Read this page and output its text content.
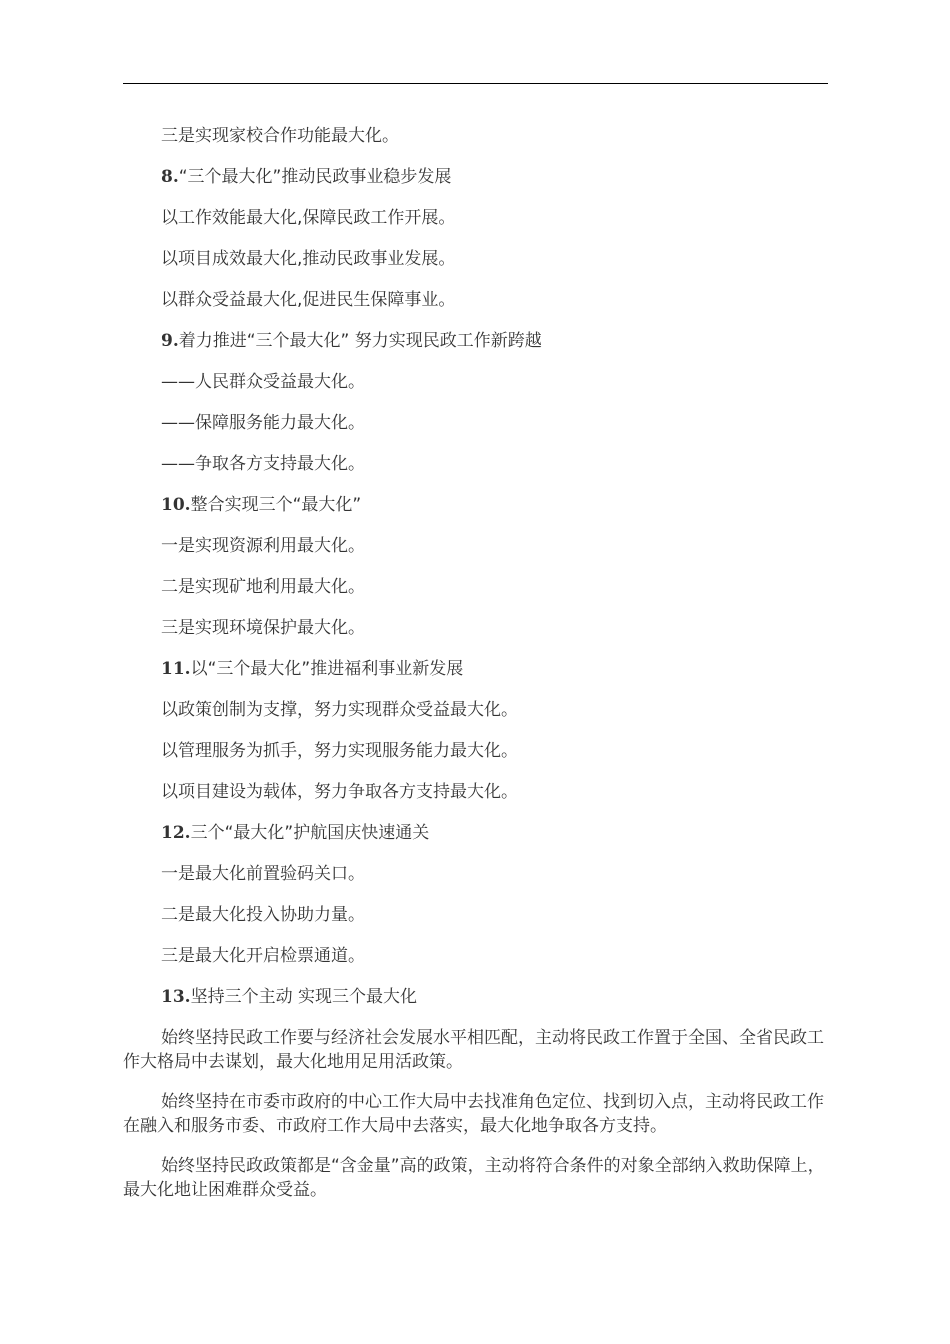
三是实现家校合作功能最大化。

8.“三个最大化”推动民政事业稳步发展

以工作效能最大化,保障民政工作开展。

以项目成效最大化,推动民政事业发展。

以群众受益最大化,促进民生保障事业。

9.着力推进“三个最大化” 努力实现民政工作新跨越

——人民群众受益最大化。

——保障服务能力最大化。

——争取各方支持最大化。

10.整合实现三个“最大化”

一是实现资源利用最大化。

二是实现矿地利用最大化。

三是实现环境保护最大化。

11.以“三个最大化”推进福利事业新发展

以政策创制为支撑，努力实现群众受益最大化。

以管理服务为抓手，努力实现服务能力最大化。

以项目建设为载体，努力争取各方支持最大化。

12.三个“最大化”护航国庆快速通关

一是最大化前置验码关口。

二是最大化投入协助力量。

三是最大化开启检票通道。

13.坚持三个主动 实现三个最大化

始终坚持民政工作要与经济社会发展水平相匹配，主动将民政工作置于全国、全省民政工作大格局中去谋划，最大化地用足用活政策。

始终坚持在市委市政府的中心工作大局中去找准角色定位、找到切入点，主动将民政工作在融入和服务市委、市政府工作大局中去落实，最大化地争取各方支持。

始终坚持民政政策都是“含金量”高的政策，主动将符合条件的对象全部纳入救助保障上，最大化地让困难群众受益。
